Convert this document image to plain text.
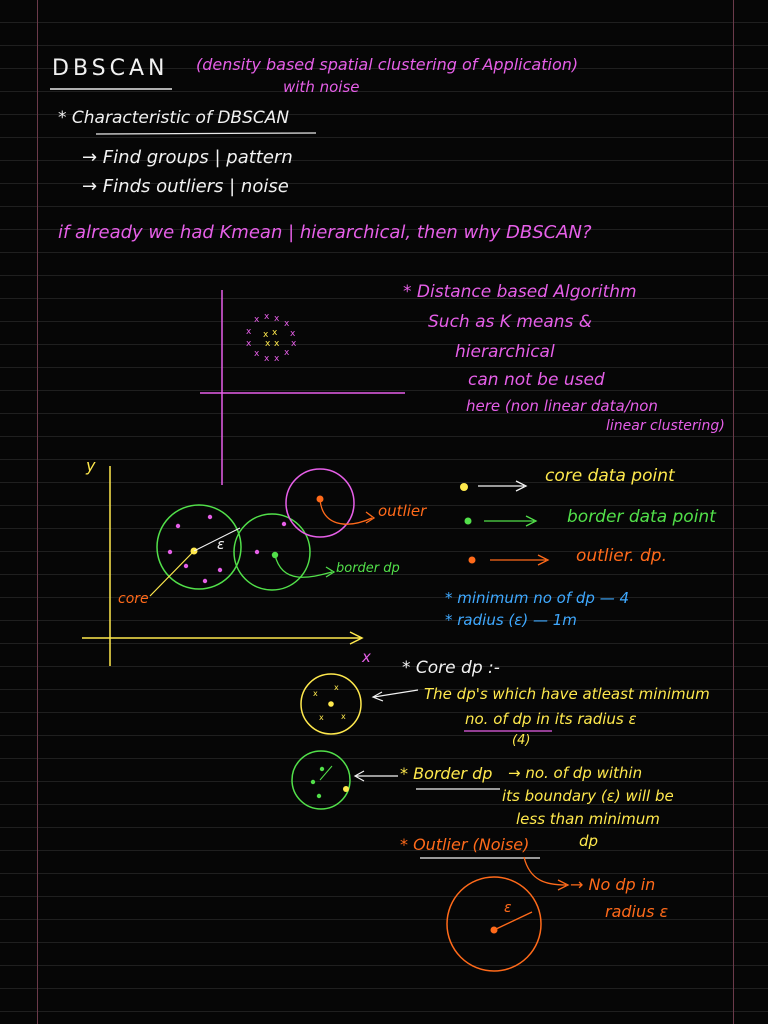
DBSCAN (density based spatial clustering of Application)
with noise
* Characteristic of DBSCAN
→ Find groups | pattern
→ Finds outliers | noise
if already we had Kmean | hierarchical, then why DBSCAN?
* Distance based Algorithm
Such as K means &
hierarchical
can not be used
here (non linear data/non
linear clustering)
y
x
ε
core
outlier
border dp
core data point
border data point
outlier. dp.
* minimum no of dp — 4
* radius (ε) — 1m
* Core dp :-
The dp's which have atleast minimum
no. of dp in its radius ε
(4)
* Border dp → no. of dp within
its boundary (ε) will be
less than minimum
dp
* Outlier (Noise)
→ No dp in
radius ε
ε
x x x x
x
x
x
x
x
x
x
x x x
x x
x
x
x
x
